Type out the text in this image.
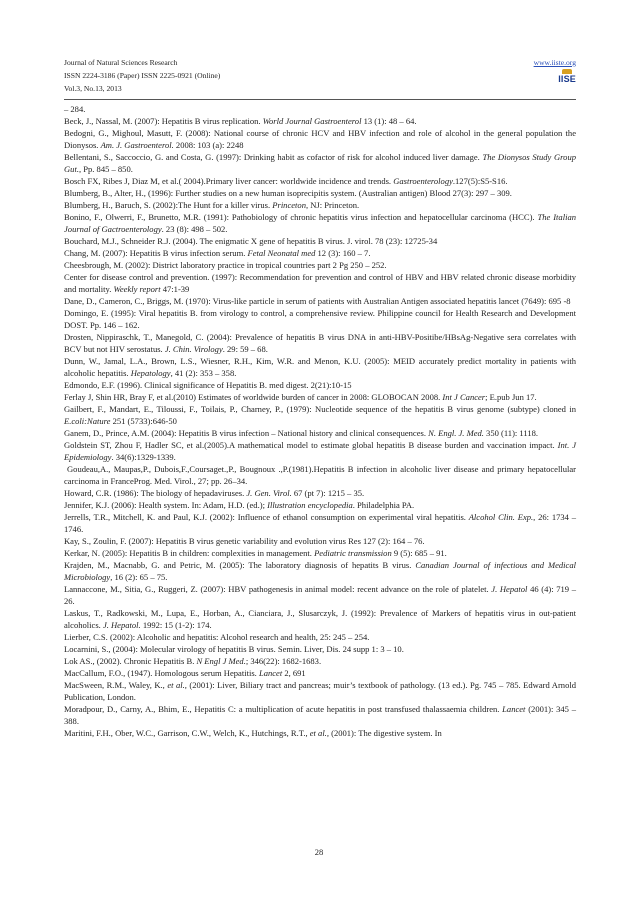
Journal of Natural Sciences Research
ISSN 2224-3186 (Paper) ISSN 2225-0921 (Online)
Vol.3, No.13, 2013
www.iiste.org
IISE

– 284.

Beck, J., Nassal, M. (2007): Hepatitis B virus replication. World Journal Gastroenterol 13 (1): 48 – 64.

Bedogni, G., Mighoul, Masutt, F. (2008): National course of chronic HCV and HBV infection and role of alcohol in the general population the Dionysos. Am. J. Gastroenterol. 2008: 103 (a): 2248

Bellentani, S., Saccoccio, G. and Costa, G. (1997): Drinking habit as cofactor of risk for alcohol induced liver damage. The Dionysos Study Group Gut., Pp. 845 – 850.

Bosch FX, Ribes J, Diaz M, et al.( 2004).Primary liver cancer: worldwide incidence and trends. Gastroenterology.127(5):S5-S16.

Blumberg, B., Alter, H., (1996): Further studies on a new human isoprecipitis system. (Australian antigen) Blood 27(3): 297 – 309.

Blumberg, H., Baruch, S. (2002):The Hunt for a killer virus. Princeton, NJ: Princeton.

Bonino, F., Olwerri, F., Brunetto, M.R. (1991): Pathobiology of chronic hepatitis virus infection and hepatocellular carcinoma (HCC). The Italian Journal of Gactroenterology. 23 (8): 498 – 502.

Bouchard, M.J., Schneider R.J. (2004). The enigmatic X gene of hepatitis B virus. J. virol. 78 (23): 12725-34

Chang, M. (2007): Hepatitis B virus infection serum. Fetal Neonatal med 12 (3): 160 – 7.

Cheesbrough, M. (2002): District laboratory practice in tropical countries part 2 Pg 250 – 252.

Center for disease control and prevention. (1997): Recommendation for prevention and control of HBV and HBV related chronic disease morbidity and mortality. Weekly report 47:1-39

Dane, D., Cameron, C., Briggs, M. (1970): Virus-like particle in serum of patients with Australian Antigen associated hepatitis lancet (7649): 695 -8

Domingo, E. (1995): Viral hepatitis B. from virology to control, a comprehensive review. Philippine council for Health Research and Development DOST. Pp. 146 – 162.

Drosten, Nippiraschk, T., Manegold, C. (2004): Prevalence of hepatitis B virus DNA in anti-HBV-Positibe/HBsAg-Negative sera correlates with BCV but not HIV serostatus. J. Chin. Virology. 29: 59 – 68.

Dunn, W., Jamal, L.A., Brown, L.S., Wiesner, R.H., Kim, W.R. and Menon, K.U. (2005): MEID accurately predict mortality in patients with alcoholic hepatitis. Hepatology, 41 (2): 353 – 358.

Edmondo, E.F. (1996). Clinical significance of Hepatitis B. med digest. 2(21):10-15

Ferlay J, Shin HR, Bray F, et al.(2010) Estimates of worldwide burden of cancer in 2008: GLOBOCAN 2008. Int J Cancer; E.pub Jun 17.

Gailbert, F., Mandart, E., Tiloussi, F., Toilais, P., Charney, P., (1979): Nucleotide sequence of the hepatitis B virus genome (subtype) cloned in E.coli:Nature 251 (5733):646-50

Ganem, D., Prince, A.M. (2004): Hepatitis B virus infection – National history and clinical consequences. N. Engl. J. Med. 350 (11): 1118.

Goldstein ST, Zhou F, Hadler SC, et al.(2005).A mathematical model to estimate global hepatitis B disease burden and vaccination impact. Int. J Epidemiology. 34(6):1329-1339.

Goudeau,A., Maupas,P., Dubois,F.,Coursaget.,P., Bougnoux .,P.(1981).Hepatitis B infection in alcoholic liver disease and primary hepatocellular carcinoma in FranceProg. Med. Virol., 27; pp. 26–34.

Howard, C.R. (1986): The biology of hepadaviruses. J. Gen. Virol. 67 (pt 7): 1215 – 35.

Jennifer, K.J. (2006): Health system. In: Adam, H.D. (ed.); Illustration encyclopedia. Philadelphia PA.

Jerrells, T.R., Mitchell, K. and Paul, K.J. (2002): Influence of ethanol consumption on experimental viral hepatitis. Alcohol Clin. Exp., 26: 1734 – 1746.

Kay, S., Zoulin, F. (2007): Hepatitis B virus genetic variability and evolution virus Res 127 (2): 164 – 76.

Kerkar, N. (2005): Hepatitis B in children: complexities in management. Pediatric transmission 9 (5): 685 – 91.

Krajden, M., Macnabb, G. and Petric, M. (2005): The laboratory diagnosis of hepatits B virus. Canadian Journal of infectious and Medical Microbiology, 16 (2): 65 – 75.

Lannaccone, M., Sitia, G., Ruggeri, Z. (2007): HBV pathogenesis in animal model: recent advance on the role of platelet. J. Hepatol 46 (4): 719 – 26.

Laskus, T., Radkowski, M., Lupa, E., Horban, A., Cianciara, J., Slusarczyk, J. (1992): Prevalence of Markers of hepatitis virus in out-patient alcoholics. J. Hepatol. 1992: 15 (1-2): 174.

Lierber, C.S. (2002): Alcoholic and hepatitis: Alcohol research and health, 25: 245 – 254.

Locarnini, S., (2004): Molecular virology of hepatitis B virus. Semin. Liver, Dis. 24 supp 1: 3 – 10.

Lok AS., (2002). Chronic Hepatitis B. N Engl J Med.; 346(22): 1682-1683.

MacCallum, F.O., (1947). Homologous serum Hepatitis. Lancet 2, 691

MacSween, R.M., Waley, K., et al., (2001): Liver, Biliary tract and pancreas; muir’s textbook of pathology. (13 ed.). Pg. 745 – 785. Edward Arnold Publication, London.

Moradpour, D., Carny, A., Bhim, E., Hepatitis C: a multiplication of acute hepatitis in post transfused thalassaemia children. Lancet (2001): 345 – 388.

Maritini, F.H., Ober, W.C., Garrison, C.W., Welch, K., Hutchings, R.T., et al., (2001): The digestive system. In

28
